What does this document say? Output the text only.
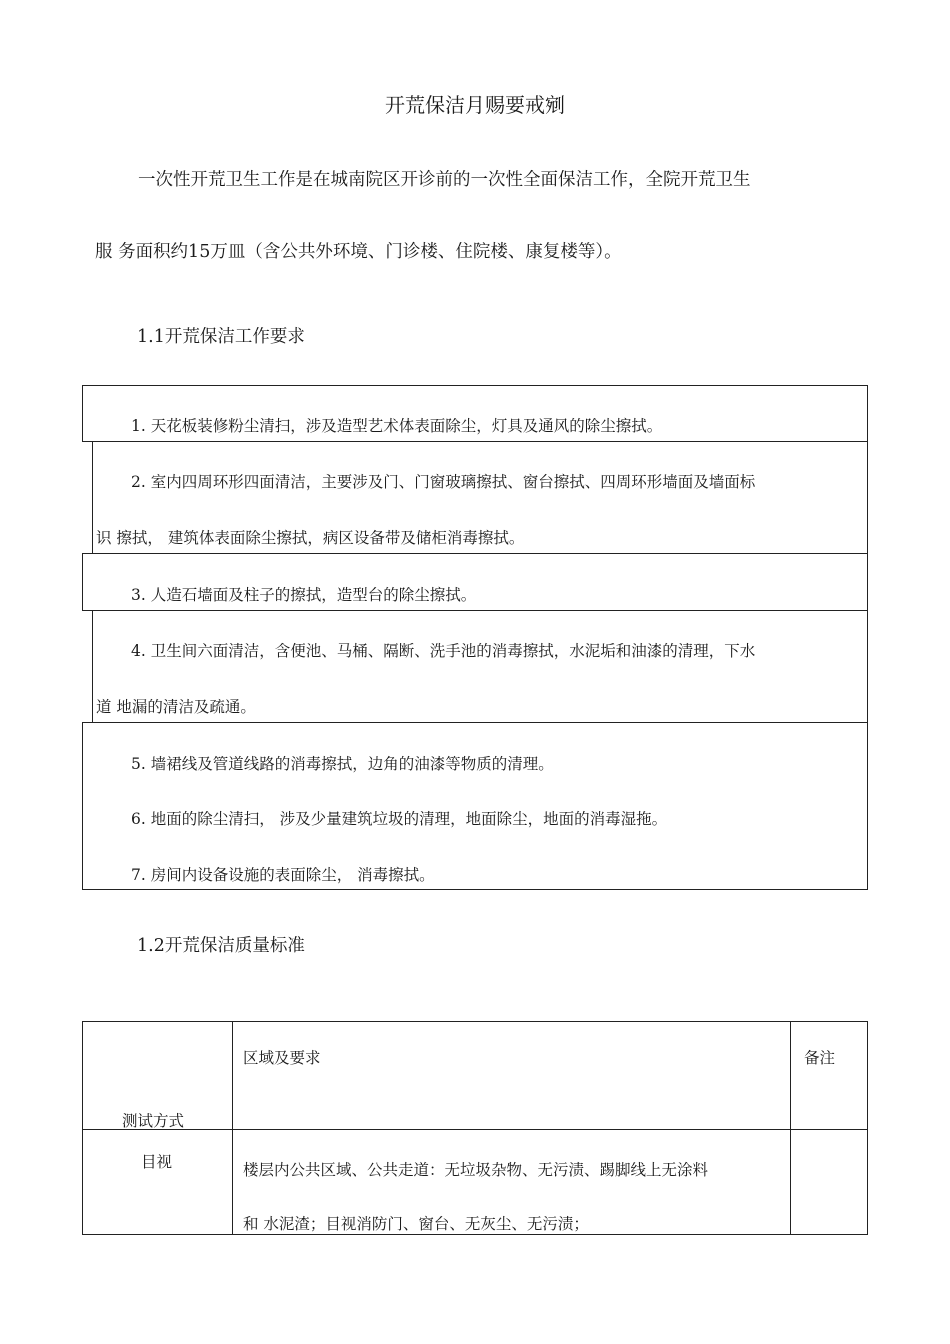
开荒保洁月赐要戒剜
一次性开荒卫生工作是在城南院区开诊前的一次性全面保洁工作，全院开荒卫生
服 务面积约15万皿（含公共外环境、门诊楼、住院楼、康复楼等）。
1.1开荒保洁工作要求
1. 天花板装修粉尘清扫，涉及造型艺术体表面除尘，灯具及通风的除尘擦拭。
2. 室内四周环形四面清洁，主要涉及门、门窗玻璃擦拭、窗台擦拭、四周环形墙面及墙面标
识 擦拭， 建筑体表面除尘擦拭，病区设备带及储柜消毒擦拭。
3. 人造石墙面及柱子的擦拭，造型台的除尘擦拭。
4. 卫生间六面清洁，含便池、马桶、隔断、洗手池的消毒擦拭，水泥垢和油漆的清理，下水
道 地漏的清洁及疏通。
5. 墙裙线及管道线路的消毒擦拭，边角的油漆等物质的清理。
6. 地面的除尘清扫， 涉及少量建筑垃圾的清理，地面除尘，地面的消毒湿拖。
7. 房间内设备设施的表面除尘， 消毒擦拭。
1.2开荒保洁质量标准
测试方式
区域及要求	备注
目视	楼层内公共区域、公共走道：无垃圾杂物、无污渍、踢脚线上无涂料
和 水泥渣；目视消防门、窗台、无灰尘、无污渍；
